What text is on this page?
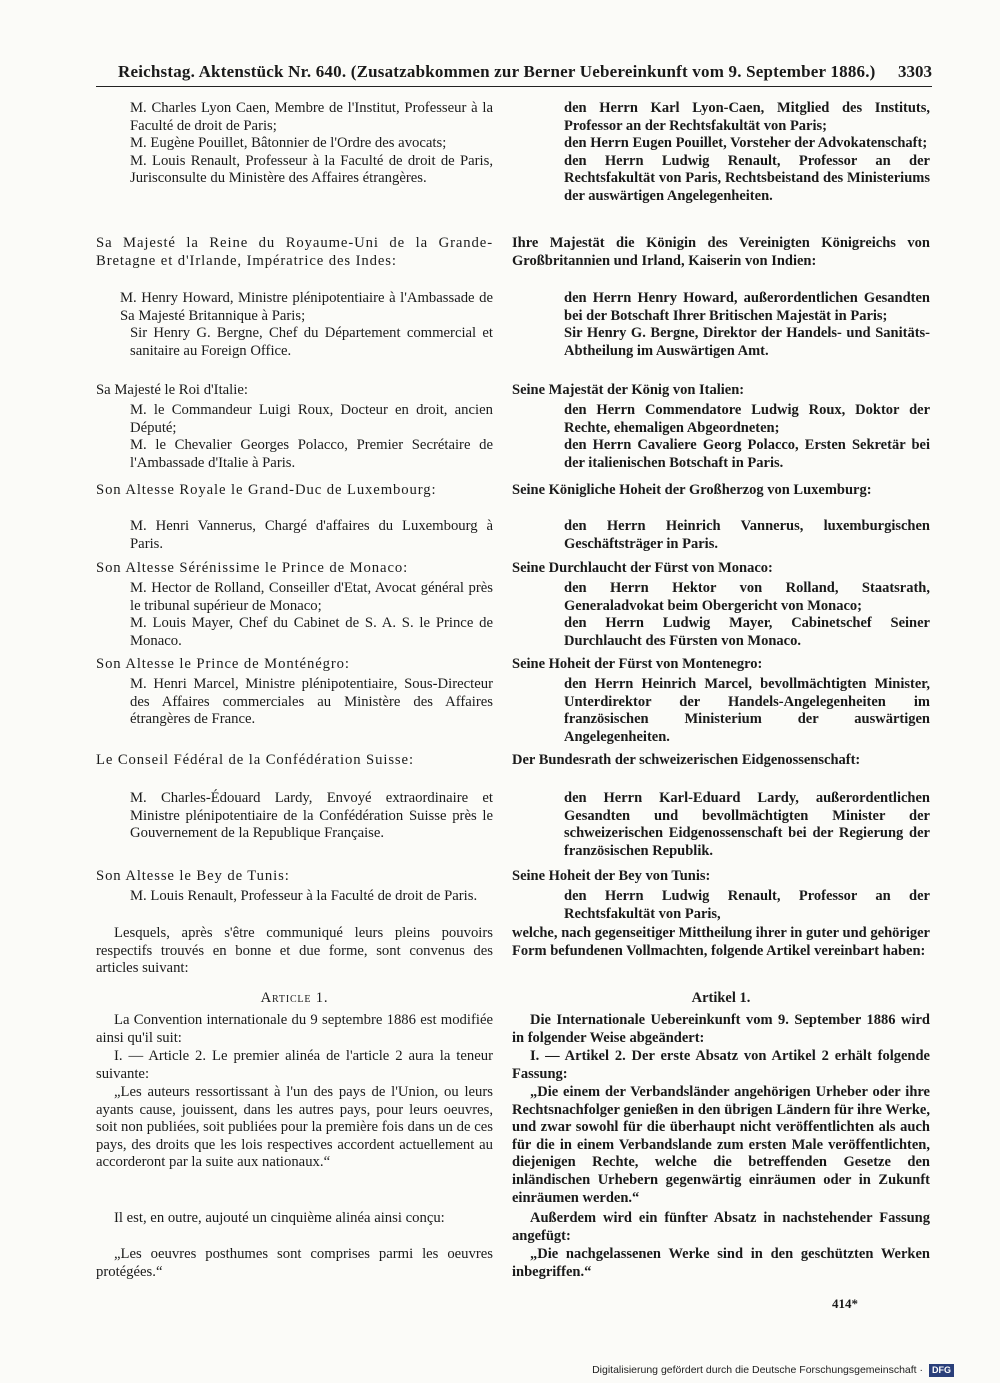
Reichstag. Aktenstück Nr. 640. (Zusatzabkommen zur Berner Uebereinkunft vom 9. September 1886.) 3303

M. Charles Lyon Caen, Membre de l'Institut, Professeur à la Faculté de droit de Paris;

M. Eugène Pouillet, Bâtonnier de l'Ordre des avocats;

M. Louis Renault, Professeur à la Faculté de droit de Paris, Jurisconsulte du Ministère des Affaires étrangères.

Sa Majesté la Reine du Royaume-Uni de la Grande-Bretagne et d'Irlande, Impératrice des Indes:

M. Henry Howard, Ministre plénipotentiaire à l'Ambassade de Sa Majesté Britannique à Paris;

Sir Henry G. Bergne, Chef du Département commercial et sanitaire au Foreign Office.

Sa Majesté le Roi d'Italie:

M. le Commandeur Luigi Roux, Docteur en droit, ancien Député;

M. le Chevalier Georges Polacco, Premier Secrétaire de l'Ambassade d'Italie à Paris.

Son Altesse Royale le Grand-Duc de Luxembourg:

M. Henri Vannerus, Chargé d'affaires du Luxembourg à Paris.

Son Altesse Sérénissime le Prince de Monaco:

M. Hector de Rolland, Conseiller d'Etat, Avocat général près le tribunal supérieur de Monaco;

M. Louis Mayer, Chef du Cabinet de S. A. S. le Prince de Monaco.

Son Altesse le Prince de Monténégro:

M. Henri Marcel, Ministre plénipotentiaire, Sous-Directeur des Affaires commerciales au Ministère des Affaires étrangères de France.

Le Conseil Fédéral de la Confédération Suisse:

M. Charles-Édouard Lardy, Envoyé extraordinaire et Ministre plénipotentiaire de la Confédération Suisse près le Gouvernement de la Republique Française.

Son Altesse le Bey de Tunis:

M. Louis Renault, Professeur à la Faculté de droit de Paris.

Lesquels, après s'être communiqué leurs pleins pouvoirs respectifs trouvés en bonne et due forme, sont convenus des articles suivant:
Article 1.
La Convention internationale du 9 septembre 1886 est modifiée ainsi qu'il suit:
I. — Article 2. Le premier alinéa de l'article 2 aura la teneur suivante:
„Les auteurs ressortissant à l'un des pays de l'Union, ou leurs ayants cause, jouissent, dans les autres pays, pour leurs oeuvres, soit non publiées, soit publiées pour la première fois dans un de ces pays, des droits que les lois respectives accordent actuellement au accorderont par la suite aux nationaux.“
Il est, en outre, aujouté un cinquième alinéa ainsi conçu:
„Les oeuvres posthumes sont comprises parmi les oeuvres protégées.“

den Herrn Karl Lyon-Caen, Mitglied des Instituts, Professor an der Rechtsfakultät von Paris;

den Herrn Eugen Pouillet, Vorsteher der Advokatenschaft;

den Herrn Ludwig Renault, Professor an der Rechtsfakultät von Paris, Rechtsbeistand des Ministeriums der auswärtigen Angelegenheiten.

Ihre Majestät die Königin des Vereinigten Königreichs von Großbritannien und Irland, Kaiserin von Indien:

den Herrn Henry Howard, außerordentlichen Gesandten bei der Botschaft Ihrer Britischen Majestät in Paris;

Sir Henry G. Bergne, Direktor der Handels- und Sanitäts-Abtheilung im Auswärtigen Amt.

Seine Majestät der König von Italien:

den Herrn Commendatore Ludwig Roux, Doktor der Rechte, ehemaligen Abgeordneten;

den Herrn Cavaliere Georg Polacco, Ersten Sekretär bei der italienischen Botschaft in Paris.

Seine Königliche Hoheit der Großherzog von Luxemburg:

den Herrn Heinrich Vannerus, luxemburgischen Geschäftsträger in Paris.

Seine Durchlaucht der Fürst von Monaco:

den Herrn Hektor von Rolland, Staatsrath, Generaladvokat beim Obergericht von Monaco;

den Herrn Ludwig Mayer, Cabinetschef Seiner Durchlaucht des Fürsten von Monaco.

Seine Hoheit der Fürst von Montenegro:

den Herrn Heinrich Marcel, bevollmächtigten Minister, Unterdirektor der Handels-Angelegenheiten im französischen Ministerium der auswärtigen Angelegenheiten.

Der Bundesrath der schweizerischen Eidgenossenschaft:

den Herrn Karl-Eduard Lardy, außerordentlichen Gesandten und bevollmächtigten Minister der schweizerischen Eidgenossenschaft bei der Regierung der französischen Republik.

Seine Hoheit der Bey von Tunis:

den Herrn Ludwig Renault, Professor an der Rechtsfakultät von Paris,

welche, nach gegenseitiger Mittheilung ihrer in guter und gehöriger Form befundenen Vollmachten, folgende Artikel vereinbart haben:
Artikel 1.
Die Internationale Uebereinkunft vom 9. September 1886 wird in folgender Weise abgeändert:
I. — Artikel 2. Der erste Absatz von Artikel 2 erhält folgende Fassung:
„Die einem der Verbandsländer angehörigen Urheber oder ihre Rechtsnachfolger genießen in den übrigen Ländern für ihre Werke, und zwar sowohl für die überhaupt nicht veröffentlichten als auch für die in einem Verbandslande zum ersten Male veröffentlichten, diejenigen Rechte, welche die betreffenden Gesetze den inländischen Urhebern gegenwärtig einräumen oder in Zukunft einräumen werden.“
Außerdem wird ein fünfter Absatz in nachstehender Fassung angefügt:
„Die nachgelassenen Werke sind in den geschützten Werken inbegriffen.“
414*
Digitalisierung gefördert durch die Deutsche Forschungsgemeinschaft · DFG
